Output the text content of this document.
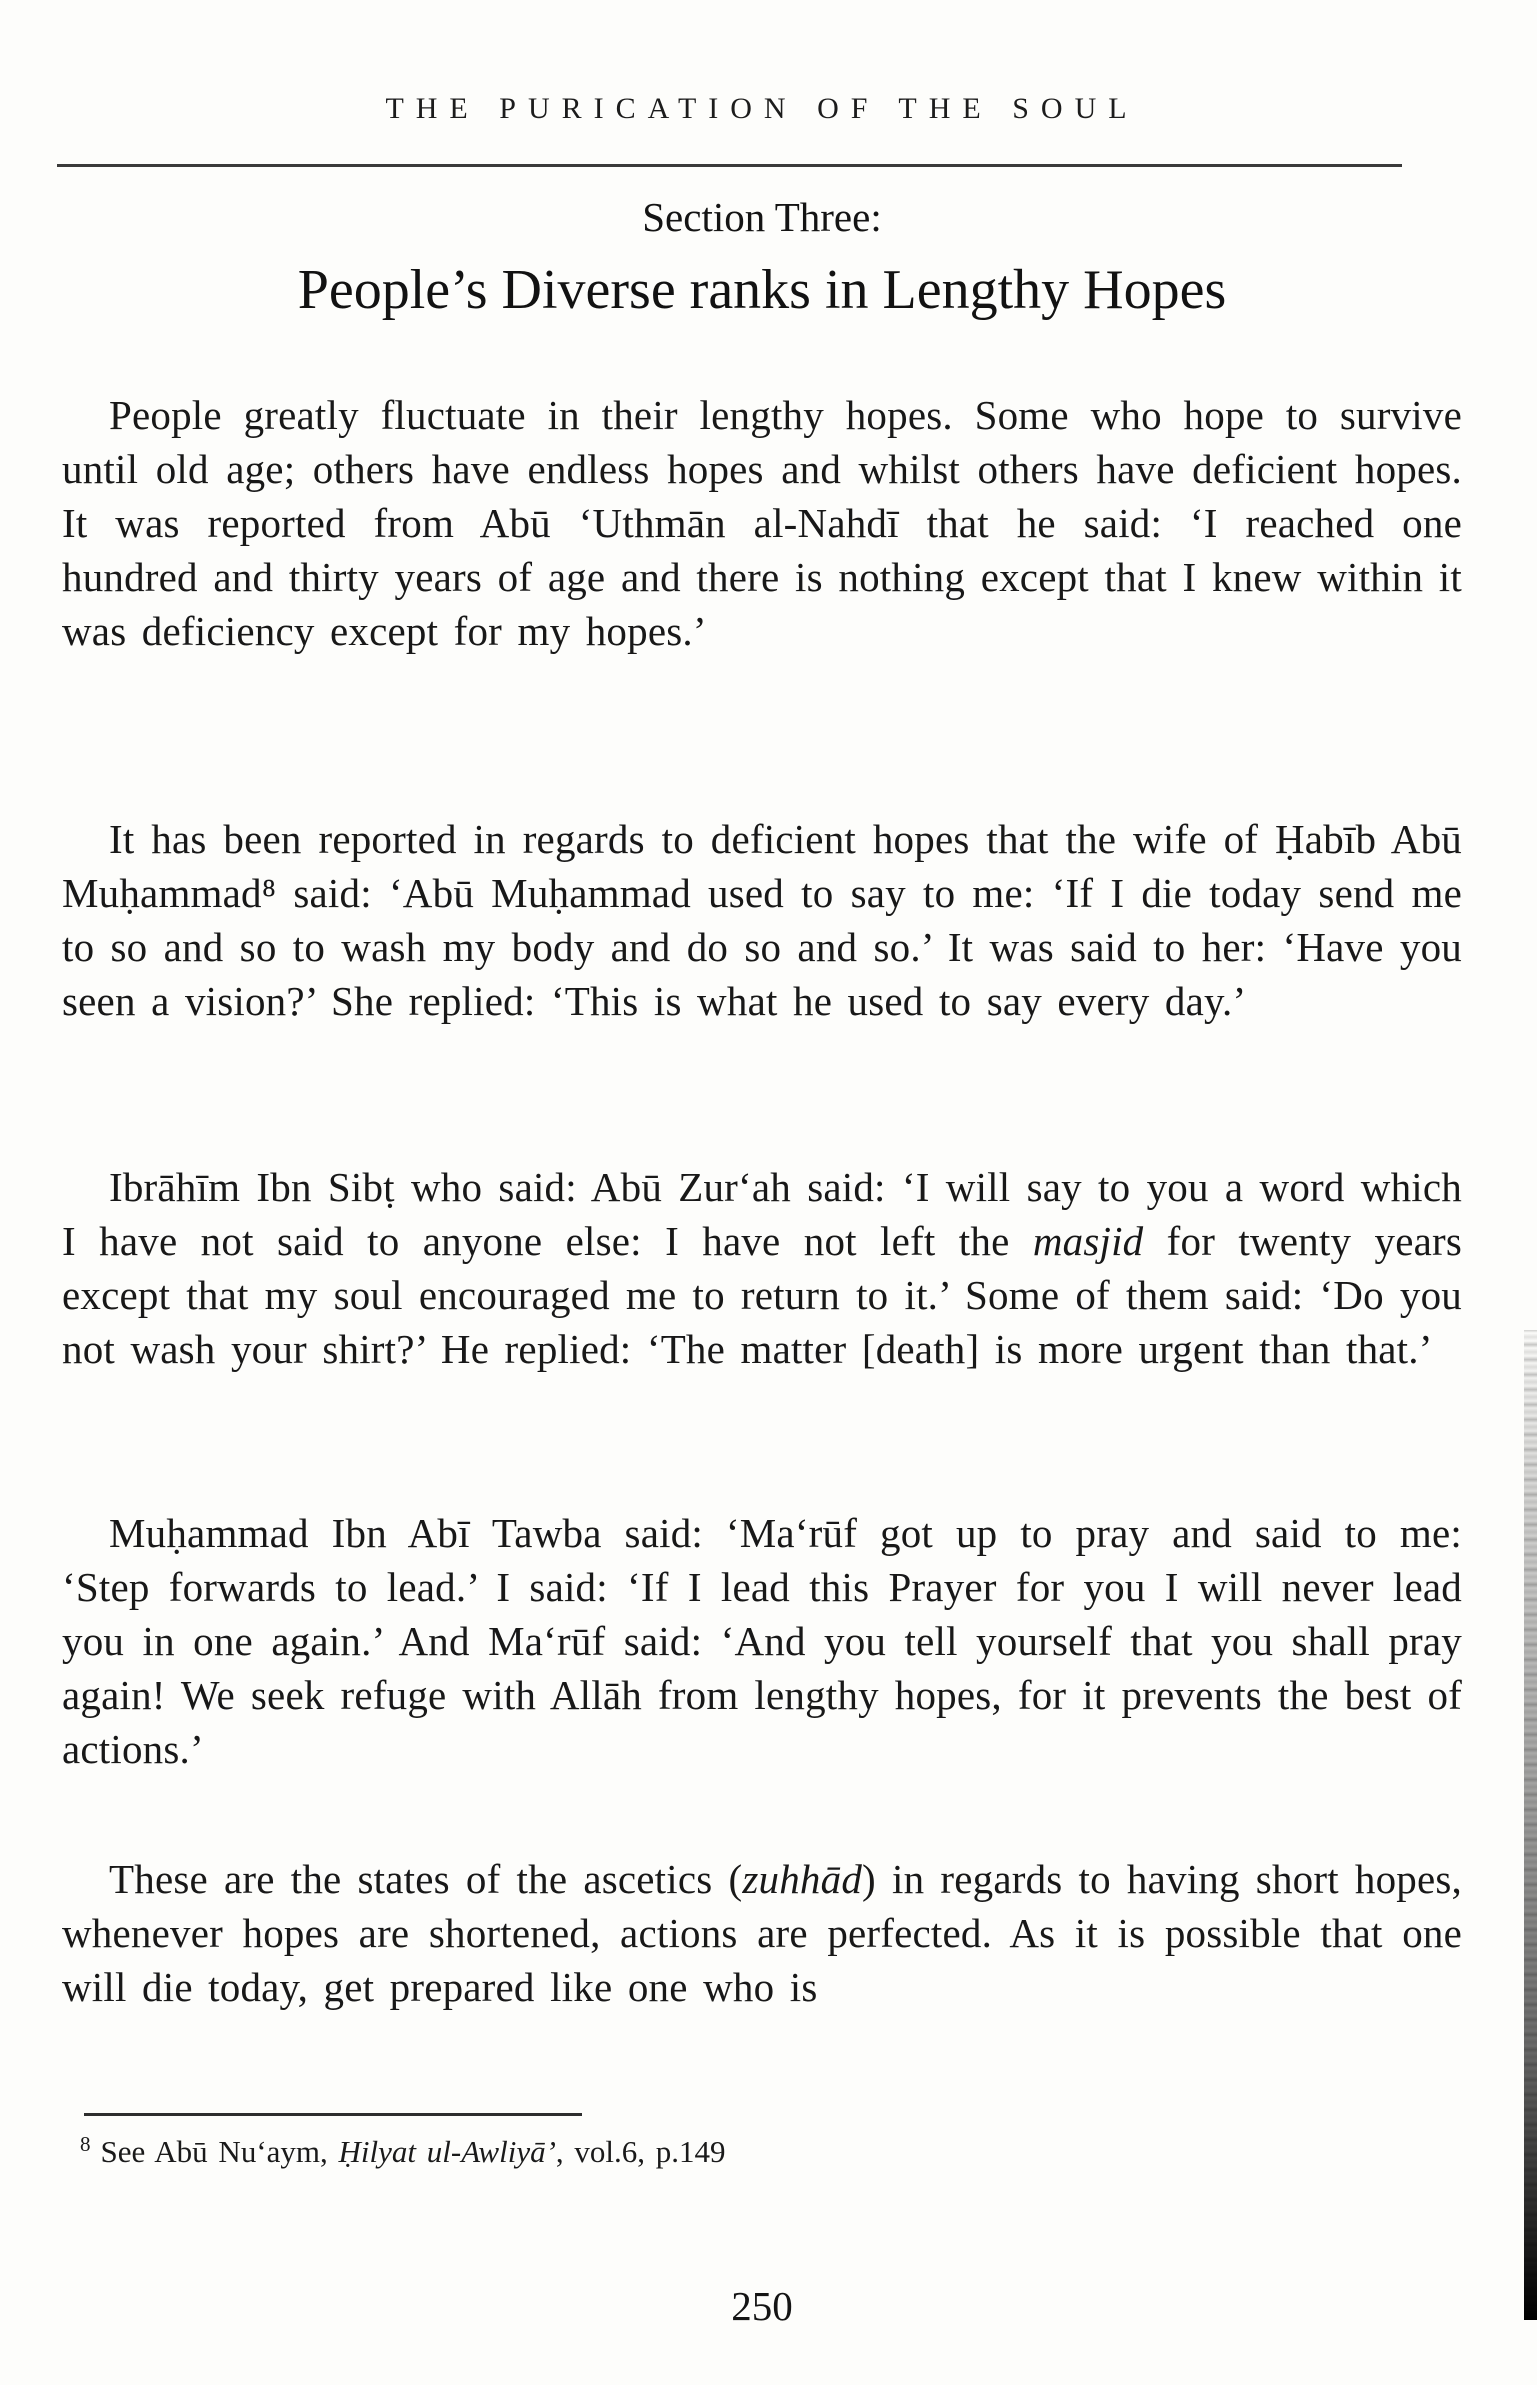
THE PURICATION OF THE SOUL
Section Three:
People’s Diverse ranks in Lengthy Hopes

People greatly fluctuate in their lengthy hopes. Some who hope to survive until old age; others have endless hopes and whilst others have deficient hopes. It was reported from Abū ‘Uthmān al-Nahdī that he said: ‘I reached one hundred and thirty years of age and there is nothing except that I knew within it was deficiency except for my hopes.’

It has been reported in regards to deficient hopes that the wife of Ḥabīb Abū Muḥammad⁸ said: ‘Abū Muḥammad used to say to me: ‘If I die today send me to so and so to wash my body and do so and so.’ It was said to her: ‘Have you seen a vision?’ She replied: ‘This is what he used to say every day.’

Ibrāhīm Ibn Sibṭ who said: Abū Zur‘ah said: ‘I will say to you a word which I have not said to anyone else: I have not left the masjid for twenty years except that my soul encouraged me to return to it.’ Some of them said: ‘Do you not wash your shirt?’ He replied: ‘The matter [death] is more urgent than that.’

Muḥammad Ibn Abī Tawba said: ‘Ma‘rūf got up to pray and said to me: ‘Step forwards to lead.’ I said: ‘If I lead this Prayer for you I will never lead you in one again.’ And Ma‘rūf said: ‘And you tell yourself that you shall pray again! We seek refuge with Allāh from lengthy hopes, for it prevents the best of actions.’

These are the states of the ascetics (zuhhād) in regards to having short hopes, whenever hopes are shortened, actions are perfected. As it is possible that one will die today, get prepared like one who is

$^8$ See Abū Nu‘aym, Ḥilyat ul-Awliyā’, vol.6, p.149
250
